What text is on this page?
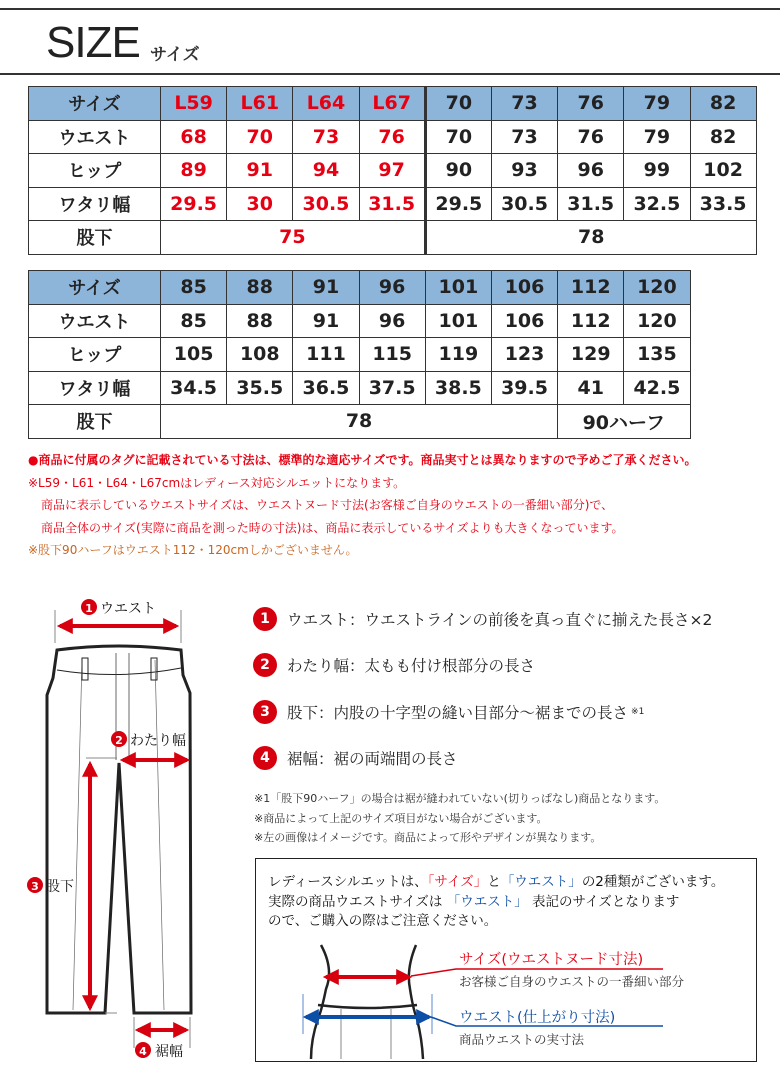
SIZE サイズ
サイズ	L59	L61	L64	L67	70	73	76	79	82
ウエスト	68	70	73	76	70	73	76	79	82
ヒップ	89	91	94	97	90	93	96	99	102
ワタリ幅	29.5	30	30.5	31.5	29.5	30.5	31.5	32.5	33.5
股下	75				78				
サイズ	85	88	91	96	101	106	112	120
ウエスト	85	88	91	96	101	106	112	120
ヒップ	105	108	111	115	119	123	129	135
ワタリ幅	34.5	35.5	36.5	37.5	38.5	39.5	41	42.5
股下	78						90ハーフ	
●商品に付属のタグに記載されている寸法は、標準的な適応サイズです。商品実寸とは異なりますので予めご了承ください。
※L59・L61・L64・L67cmはレディース対応シルエットになります。
商品に表示しているウエストサイズは、ウエストヌード寸法(お客様ご自身のウエストの一番細い部分)で、
商品全体のサイズ(実際に商品を測った時の寸法)は、商品に表示しているサイズよりも大きくなっています。
※股下90ハーフはウエスト112・120cmしかございません。
1 ウエスト
2 わたり幅
3 股下
4 裾幅
1	ウエスト ：ウエストラインの前後を真っ直ぐに揃えた長さ×2
2	わたり幅 ：太もも付け根部分の長さ
3	股下 ：内股の十字型の縫い目部分〜裾までの長さ ※1
4	裾幅 ：裾の両端間の長さ
※1「股下90ハーフ」の場合は裾が縫われていない(切りっぱなし)商品となります。
※商品によって上記のサイズ項目がない場合がございます。
※左の画像はイメージです。商品によって形やデザインが異なります。
レディースシルエットは、「サイズ」と「ウエスト」の2種類がございます。
実際の商品ウエストサイズは 「ウエスト」 表記のサイズとなります
ので、ご購入の際はご注意ください。
サイズ(ウエストヌード寸法)
お客様ご自身のウエストの一番細い部分
ウエスト(仕上がり寸法)
商品ウエストの実寸法
